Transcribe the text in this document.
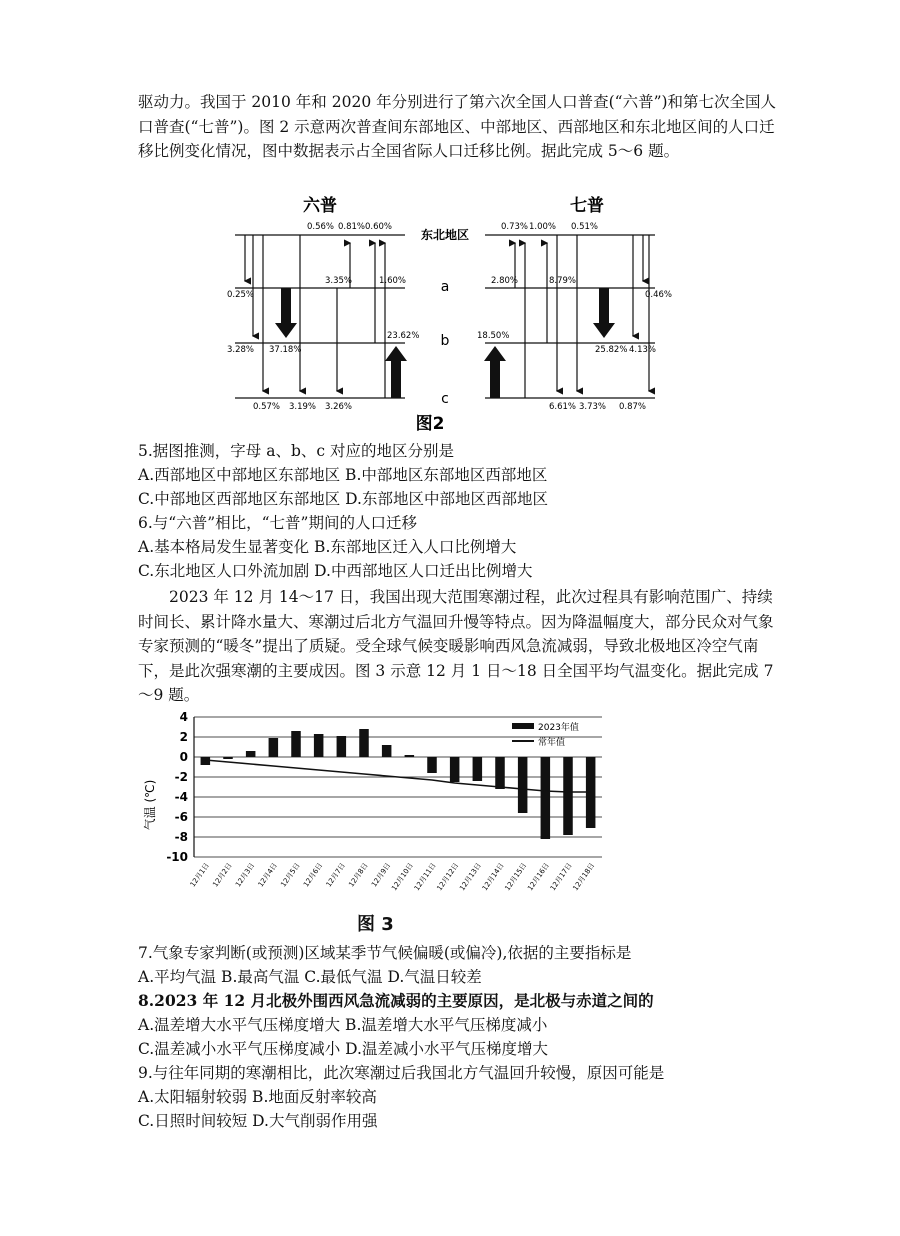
驱动力。我国于 2010 年和 2020 年分别进行了第六次全国人口普查(“六普”)和第七次全国人口普查(“七普”)。图 2 示意两次普查间东部地区、中部地区、西部地区和东北地区间的人口迁移比例变化情况，图中数据表示占全国省际人口迁移比例。据此完成 5～6 题。

六普	七普
东北地区
a
b
c
0.56% 0.81% 0.60%
0.25%
3.35%	1.60%
3.28% 37.18%
23.62%
0.57% 3.19% 3.26%
0.73% 1.00% 0.51%
2.80%	8.79%
0.46%
18.50%
25.82% 4.13%
6.61% 3.73% 0.87%
图2

5.据图推测，字母 a、b、c 对应的地区分别是

A.西部地区中部地区东部地区 B.中部地区东部地区西部地区

C.中部地区西部地区东部地区 D.东部地区中部地区西部地区

6.与“六普”相比，“七普”期间的人口迁移

A.基本格局发生显著变化 B.东部地区迁入人口比例增大

C.东北地区人口外流加剧 D.中西部地区人口迁出比例增大

2023 年 12 月 14～17 日，我国出现大范围寒潮过程，此次过程具有影响范围广、持续时间长、累计降水量大、寒潮过后北方气温回升慢等特点。因为降温幅度大，部分民众对气象专家预测的“暖冬”提出了质疑。受全球气候变暖影响西风急流减弱，导致北极地区冷空气南下，是此次强寒潮的主要成因。图 3 示意 12 月 1 日～18 日全国平均气温变化。据此完成 7～9 题。

气温 (℃)
4
2
0
-2
-4
-6
-8
-10
12月1日 12月2日 12月3日 12月4日 12月5日 12月6日 12月7日 12月8日 12月9日
12月10日
12月11日
12月12日
12月13日
12月14日
12月15日
12月16日
12月17日
12月18日
2023年值
常年值
图 3

7.气象专家判断(或预测)区域某季节气候偏暖(或偏冷),依据的主要指标是

A.平均气温 B.最高气温 C.最低气温 D.气温日较差

8.2023 年 12 月北极外围西风急流减弱的主要原因，是北极与赤道之间的

A.温差增大水平气压梯度增大 B.温差增大水平气压梯度减小

C.温差减小水平气压梯度减小 D.温差减小水平气压梯度增大

9.与往年同期的寒潮相比，此次寒潮过后我国北方气温回升较慢，原因可能是

A.太阳辐射较弱 B.地面反射率较高

C.日照时间较短 D.大气削弱作用强
